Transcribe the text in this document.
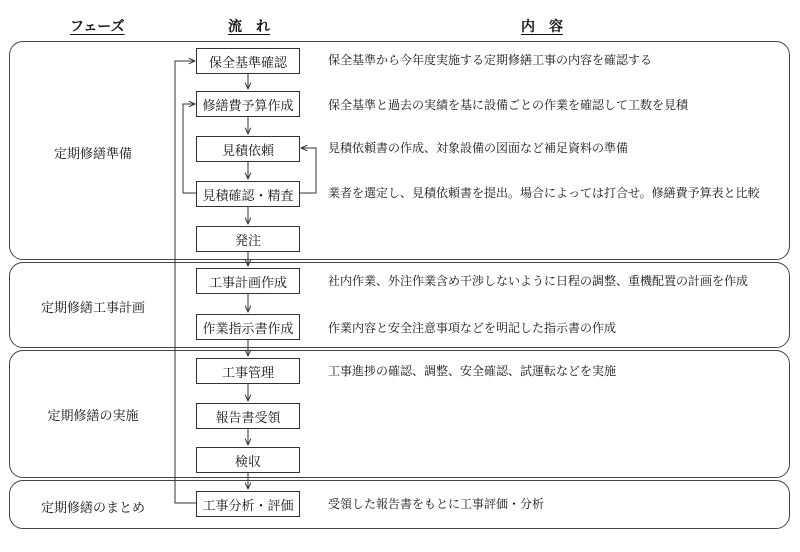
フェーズ	流　れ	内　容
定期修繕準備
定期修繕工事計画
定期修繕の実施
定期修繕のまとめ
保全基準確認
修繕費予算作成
見積依頼
見積確認・精査
発注
工事計画作成
作業指示書作成
工事管理
報告書受領
検収
工事分析・評価
保全基準から今年度実施する定期修繕工事の内容を確認する
保全基準と過去の実績を基に設備ごとの作業を確認して工数を見積
見積依頼書の作成、対象設備の図面など補足資料の準備
業者を選定し、見積依頼書を提出。場合によっては打合せ。修繕費予算表と比較
社内作業、外注作業含め干渉しないように日程の調整、重機配置の計画を作成
作業内容と安全注意事項などを明記した指示書の作成
工事進捗の確認、調整、安全確認、試運転などを実施
受領した報告書をもとに工事評価・分析
